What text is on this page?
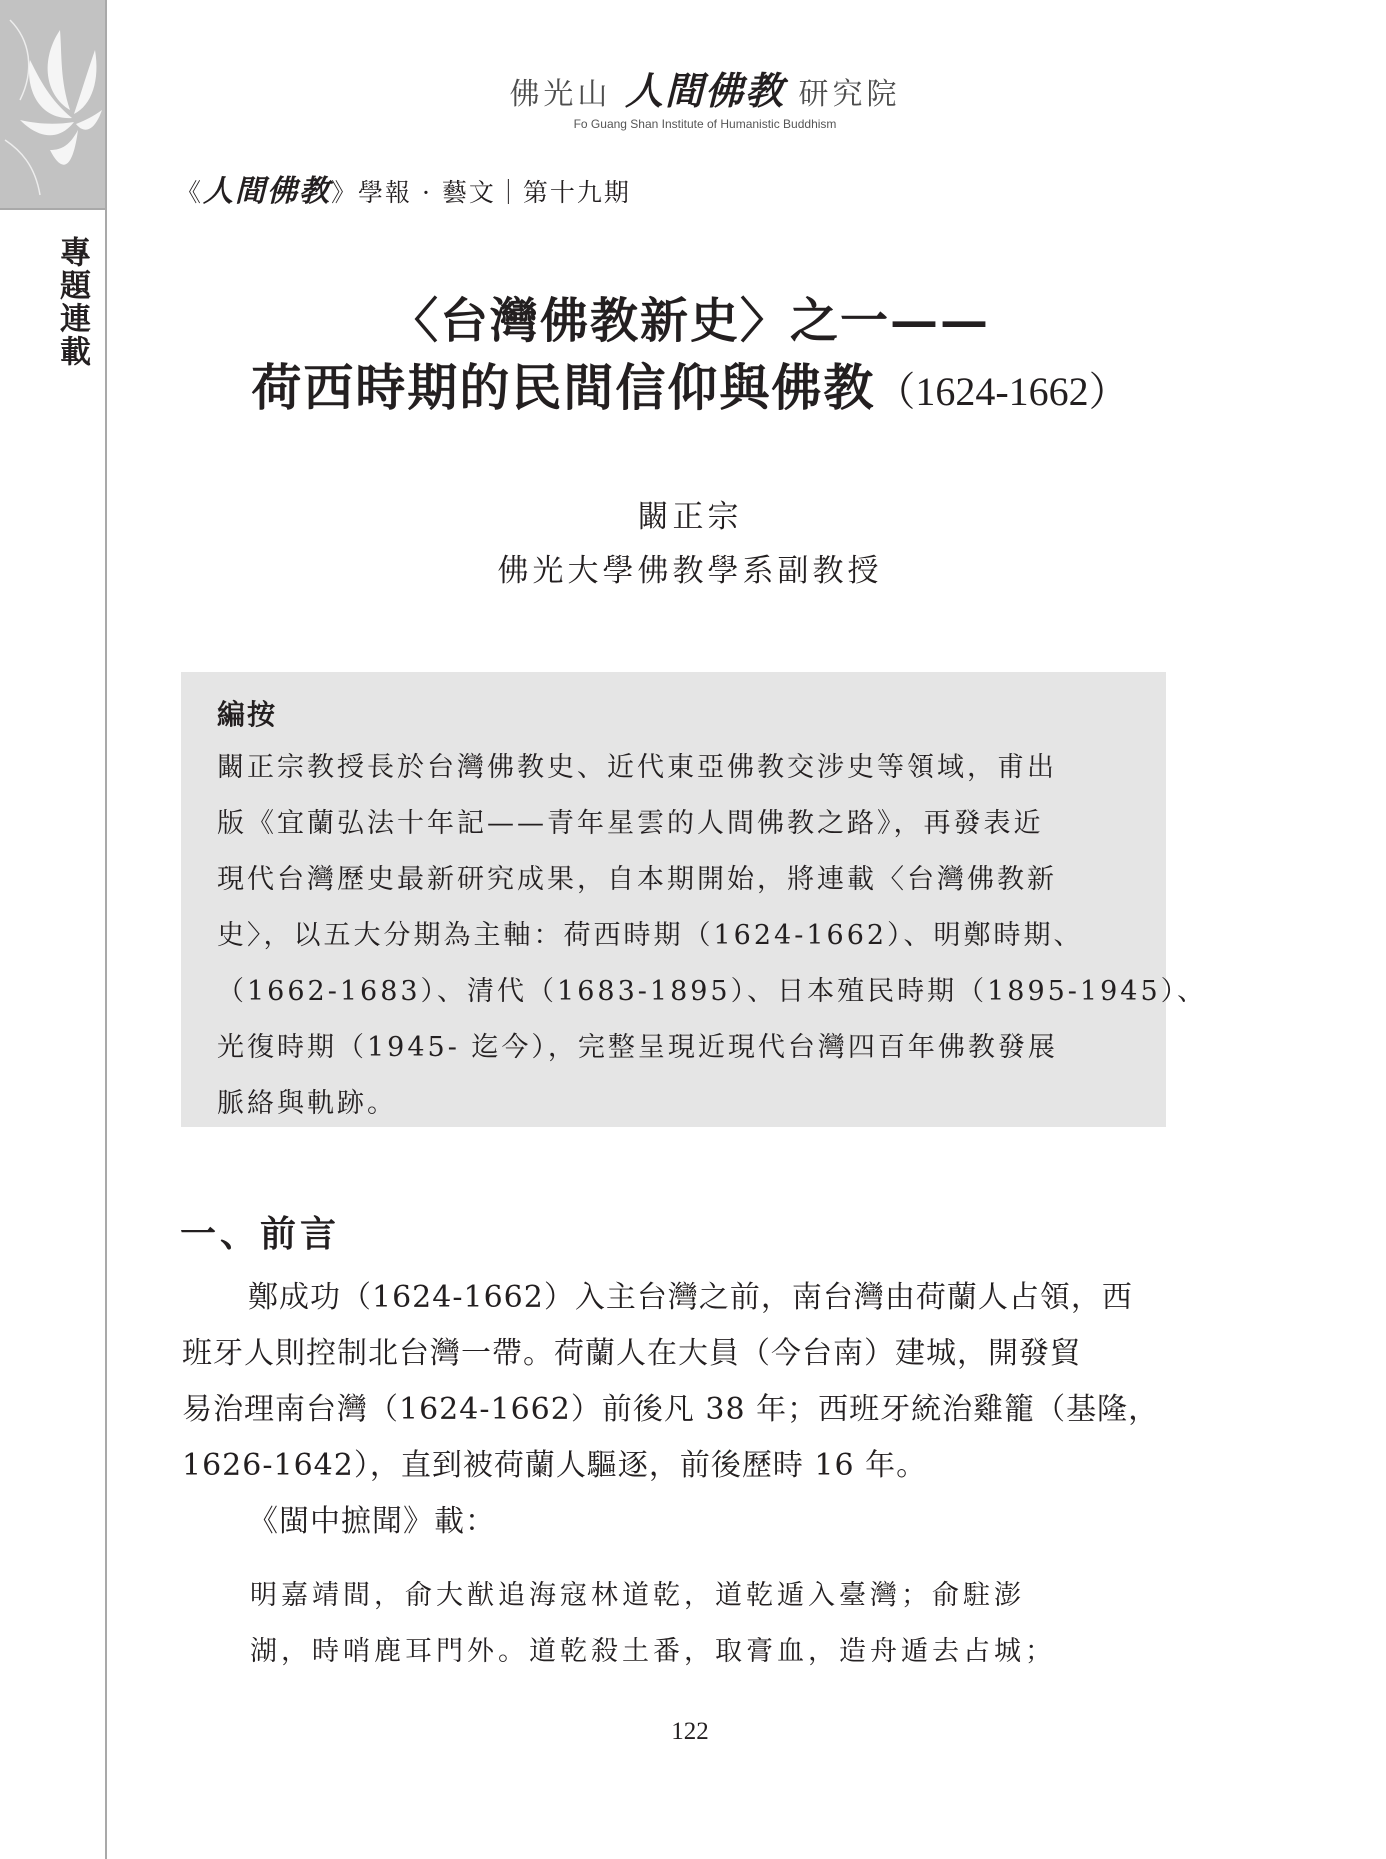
專題連載
佛光山 人間佛教 研究院
Fo Guang Shan Institute of Humanistic Buddhism
《人間佛教》學報 · 藝文｜第十九期
〈台灣佛教新史〉之一——
荷西時期的民間信仰與佛教（1624-1662）
闞正宗
佛光大學佛教學系副教授
編按
闞正宗教授長於台灣佛教史、近代東亞佛教交涉史等領域，甫出
版《宜蘭弘法十年記——青年星雲的人間佛教之路》，再發表近
現代台灣歷史最新研究成果，自本期開始，將連載〈台灣佛教新
史〉，以五大分期為主軸：荷西時期（1624-1662）、明鄭時期、
（1662-1683）、清代（1683-1895）、日本殖民時期（1895-1945）、
光復時期（1945- 迄今），完整呈現近現代台灣四百年佛教發展
脈絡與軌跡。
一、前言
鄭成功（1624-1662）入主台灣之前，南台灣由荷蘭人占領，西
班牙人則控制北台灣一帶。荷蘭人在大員（今台南）建城，開發貿
易治理南台灣（1624-1662）前後凡 38 年；西班牙統治雞籠（基隆，
1626-1642），直到被荷蘭人驅逐，前後歷時 16 年。
《閩中摭聞》載：
明嘉靖間，俞大猷追海寇林道乾，道乾遁入臺灣；俞駐澎
湖，時哨鹿耳門外。道乾殺土番，取膏血，造舟遁去占城；
122
